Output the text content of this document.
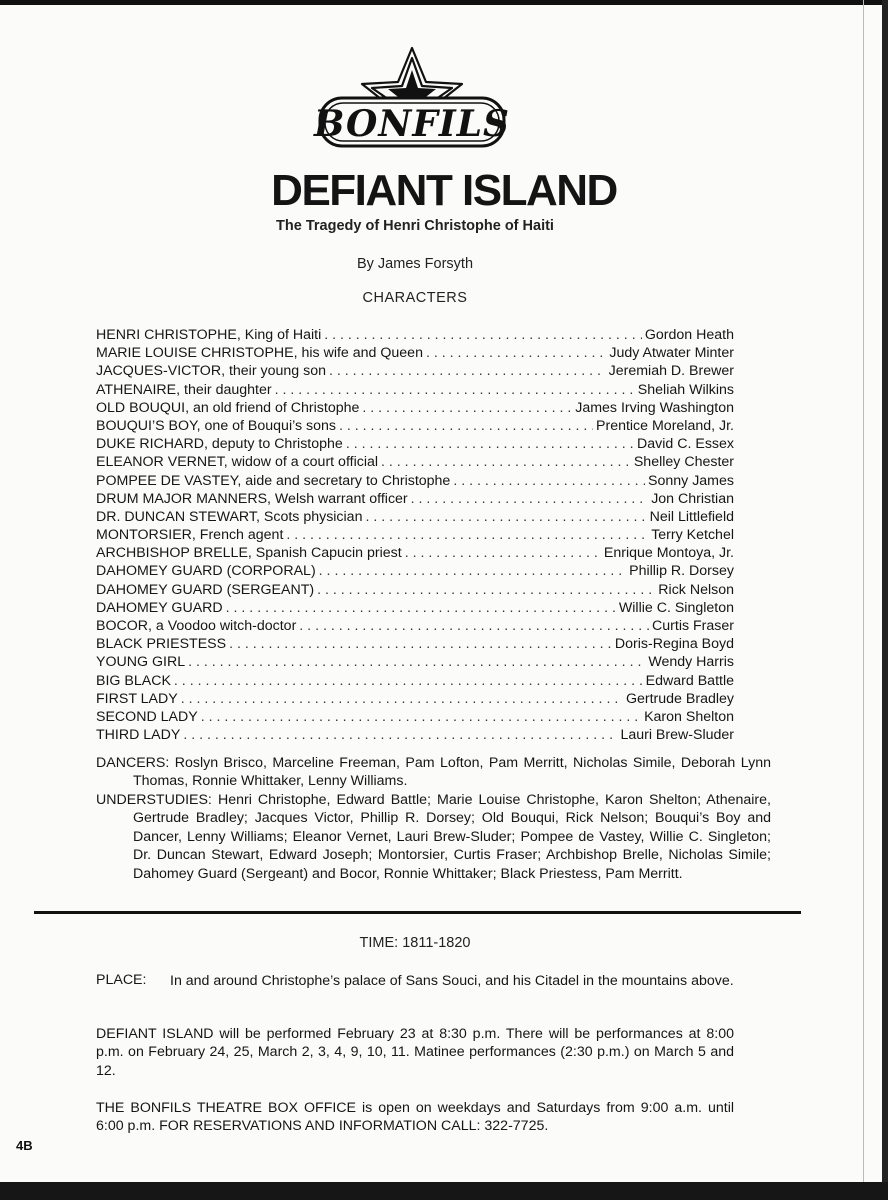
BONFILS
DEFIANT ISLAND
The Tragedy of Henri Christophe of Haiti
By James Forsyth
CHARACTERS
HENRI CHRISTOPHE, King of Haiti . . .	Gordon Heath
MARIE LOUISE CHRISTOPHE, his wife and Queen . . .	Judy Atwater Minter
JACQUES-VICTOR, their young son . . .	Jeremiah D. Brewer
ATHENAIRE, their daughter . . .	Sheliah Wilkins
OLD BOUQUI, an old friend of Christophe . . .	James Irving Washington
BOUQUI’S BOY, one of Bouqui’s sons . . .	Prentice Moreland, Jr.
DUKE RICHARD, deputy to Christophe . . .	David C. Essex
ELEANOR VERNET, widow of a court official . . .	Shelley Chester
POMPEE DE VASTEY, aide and secretary to Christophe . . .	Sonny James
DRUM MAJOR MANNERS, Welsh warrant officer . . .	Jon Christian
DR. DUNCAN STEWART, Scots physician . . .	Neil Littlefield
MONTORSIER, French agent . . .	Terry Ketchel
ARCHBISHOP BRELLE, Spanish Capucin priest . . .	Enrique Montoya, Jr.
DAHOMEY GUARD (CORPORAL) . . .	Phillip R. Dorsey
DAHOMEY GUARD (SERGEANT) . . .	Rick Nelson
DAHOMEY GUARD . . .	Willie C. Singleton
BOCOR, a Voodoo witch-doctor . . .	Curtis Fraser
BLACK PRIESTESS . . .	Doris-Regina Boyd
YOUNG GIRL . . .	Wendy Harris
BIG BLACK . . .	Edward Battle
FIRST LADY . . .	Gertrude Bradley
SECOND LADY . . .	Karon Shelton
THIRD LADY . . .	Lauri Brew-Sluder
DANCERS: Roslyn Brisco, Marceline Freeman, Pam Lofton, Pam Merritt, Nicholas Simile, Deborah Lynn Thomas, Ronnie Whittaker, Lenny Williams.
UNDERSTUDIES: Henri Christophe, Edward Battle; Marie Louise Christophe, Karon Shelton; Athenaire, Gertrude Bradley; Jacques Victor, Phillip R. Dorsey; Old Bouqui, Rick Nelson; Bouqui’s Boy and Dancer, Lenny Williams; Eleanor Vernet, Lauri Brew-Sluder; Pompee de Vastey, Willie C. Singleton; Dr. Duncan Stewart, Edward Joseph; Montorsier, Curtis Fraser; Archbishop Brelle, Nicholas Simile; Dahomey Guard (Sergeant) and Bocor, Ronnie Whittaker; Black Priestess, Pam Merritt.
TIME: 1811-1820
PLACE: In and around Christophe’s palace of Sans Souci, and his Citadel in the mountains above.
DEFIANT ISLAND will be performed February 23 at 8:30 p.m. There will be performances at 8:00 p.m. on February 24, 25, March 2, 3, 4, 9, 10, 11. Matinee performances (2:30 p.m.) on March 5 and 12.
THE BONFILS THEATRE BOX OFFICE is open on weekdays and Saturdays from 9:00 a.m. until 6:00 p.m. FOR RESERVATIONS AND INFORMATION CALL: 322-7725.
4B
